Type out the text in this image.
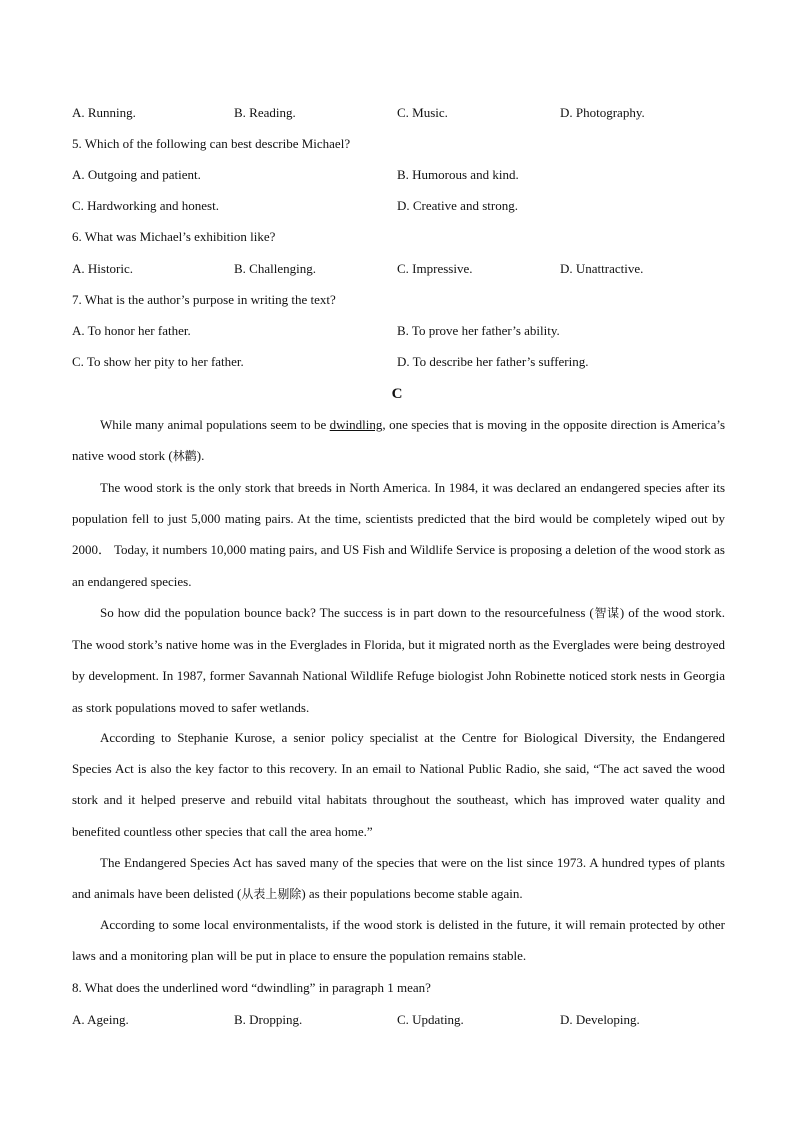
A. Running.	B. Reading.	C. Music.	D. Photography.
5. Which of the following can best describe Michael?
A. Outgoing and patient.	B. Humorous and kind.
C. Hardworking and honest.	D. Creative and strong.
6. What was Michael’s exhibition like?
A. Historic.	B. Challenging.	C. Impressive.	D. Unattractive.
7. What is the author’s purpose in writing the text?
A. To honor her father.	B. To prove her father’s ability.
C. To show her pity to her father.	D. To describe her father’s suffering.
C

While many animal populations seem to be dwindling, one species that is moving in the opposite direction is America’s native wood stork (林鹳).

The wood stork is the only stork that breeds in North America. In 1984, it was declared an endangered species after its population fell to just 5,000 mating pairs. At the time, scientists predicted that the bird would be completely wiped out by 2000． Today, it numbers 10,000 mating pairs, and US Fish and Wildlife Service is proposing a deletion of the wood stork as an endangered species.

So how did the population bounce back? The success is in part down to the resourcefulness (智谋) of the wood stork. The wood stork’s native home was in the Everglades in Florida, but it migrated north as the Everglades were being destroyed by development. In 1987, former Savannah National Wildlife Refuge biologist John Robinette noticed stork nests in Georgia as stork populations moved to safer wetlands.

According to Stephanie Kurose, a senior policy specialist at the Centre for Biological Diversity, the Endangered Species Act is also the key factor to this recovery. In an email to National Public Radio, she said, “The act saved the wood stork and it helped preserve and rebuild vital habitats throughout the southeast, which has improved water quality and benefited countless other species that call the area home.”

The Endangered Species Act has saved many of the species that were on the list since 1973. A hundred types of plants and animals have been delisted (从表上剔除) as their populations become stable again.

According to some local environmentalists, if the wood stork is delisted in the future, it will remain protected by other laws and a monitoring plan will be put in place to ensure the population remains stable.

8. What does the underlined word “dwindling” in paragraph 1 mean?
A. Ageing.	B. Dropping.	C. Updating.	D. Developing.
